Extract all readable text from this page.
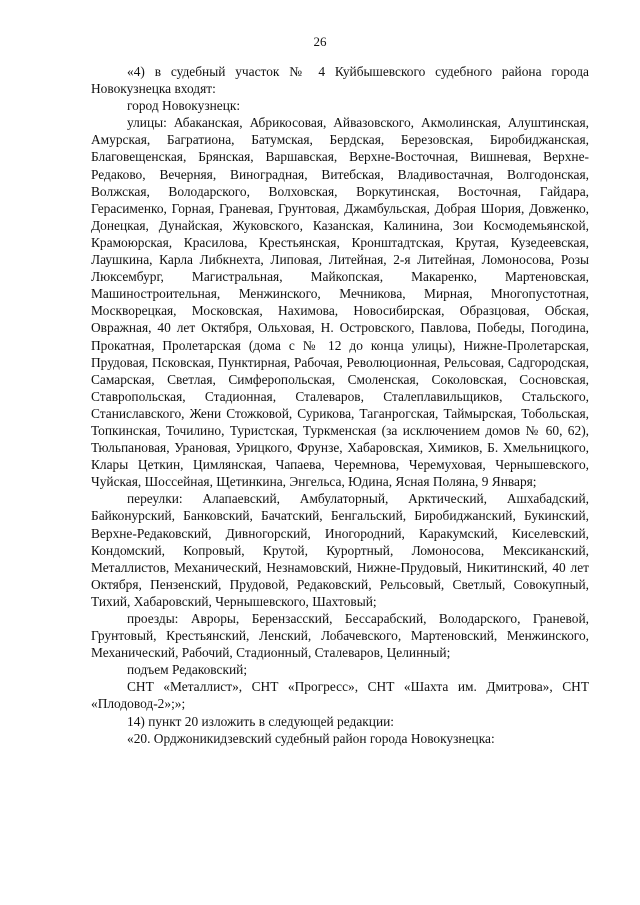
26

«4) в судебный участок № 4 Куйбышевского судебного района города Новокузнецка входят:

город Новокузнецк:

улицы: Абаканская, Абрикосовая, Айвазовского, Акмолинская, Алуштинская, Амурская, Багратиона, Батумская, Бердская, Березовская, Биробиджанская, Благовещенская, Брянская, Варшавская, Верхне-Восточная, Вишневая, Верхне-Редаково, Вечерняя, Виноградная, Витебская, Владивостачная, Волгодонская, Волжская, Володарского, Волховская, Воркутинская, Восточная, Гайдара, Герасименко, Горная, Граневая, Грунтовая, Джамбульская, Добрая Шория, Довженко, Донецкая, Дунайская, Жуковского, Казанская, Калинина, Зои Космодемьянской, Крамоюрская, Красилова, Крестьянская, Кронштадтская, Крутая, Кузедеевская, Лаушкина, Карла Либкнехта, Липовая, Литейная, 2-я Литейная, Ломоносова, Розы Люксембург, Магистральная, Майкопская, Макаренко, Мартеновская, Машиностроительная, Менжинского, Мечникова, Мирная, Многопустотная, Москворецкая, Московская, Нахимова, Новосибирская, Образцовая, Обская, Овражная, 40 лет Октября, Ольховая, Н. Островского, Павлова, Победы, Погодина, Прокатная, Пролетарская (дома с № 12 до конца улицы), Нижне-Пролетарская, Прудовая, Псковская, Пунктирная, Рабочая, Революционная, Рельсовая, Садгородская, Самарская, Светлая, Симферопольская, Смоленская, Соколовская, Сосновская, Ставропольская, Стадионная, Сталеваров, Сталеплавильщиков, Стальского, Станиславского, Жени Стожковой, Сурикова, Таганрогская, Таймырская, Тобольская, Топкинская, Точилино, Туристская, Туркменская (за исключением домов № 60, 62), Тюльпановая, Урановая, Урицкого, Фрунзе, Хабаровская, Химиков, Б. Хмельницкого, Клары Цеткин, Цимлянская, Чапаева, Черемнова, Черемуховая, Чернышевского, Чуйская, Шоссейная, Щетинкина, Энгельса, Юдина, Ясная Поляна, 9 Января;

переулки: Алапаевский, Амбулаторный, Арктический, Ашхабадский, Байконурский, Банковский, Бачатский, Бенгальский, Биробиджанский, Букинский, Верхне-Редаковский, Дивногорский, Иногородний, Каракумский, Киселевский, Кондомский, Копровый, Крутой, Курортный, Ломоносова, Мексиканский, Металлистов, Механический, Незнамовский, Нижне-Прудовый, Никитинский, 40 лет Октября, Пензенский, Прудовой, Редаковский, Рельсовый, Светлый, Совокупный, Тихий, Хабаровский, Чернышевского, Шахтовый;

проезды: Авроры, Берензасский, Бессарабский, Володарского, Граневой, Грунтовый, Крестьянский, Ленский, Лобачевского, Мартеновский, Менжинского, Механический, Рабочий, Стадионный, Сталеваров, Целинный;

подъем Редаковский;

СНТ «Металлист», СНТ «Прогресс», СНТ «Шахта им. Дмитрова», СНТ «Плодовод-2»;»;

14) пункт 20 изложить в следующей редакции:

«20. Орджоникидзевский судебный район города Новокузнецка:
